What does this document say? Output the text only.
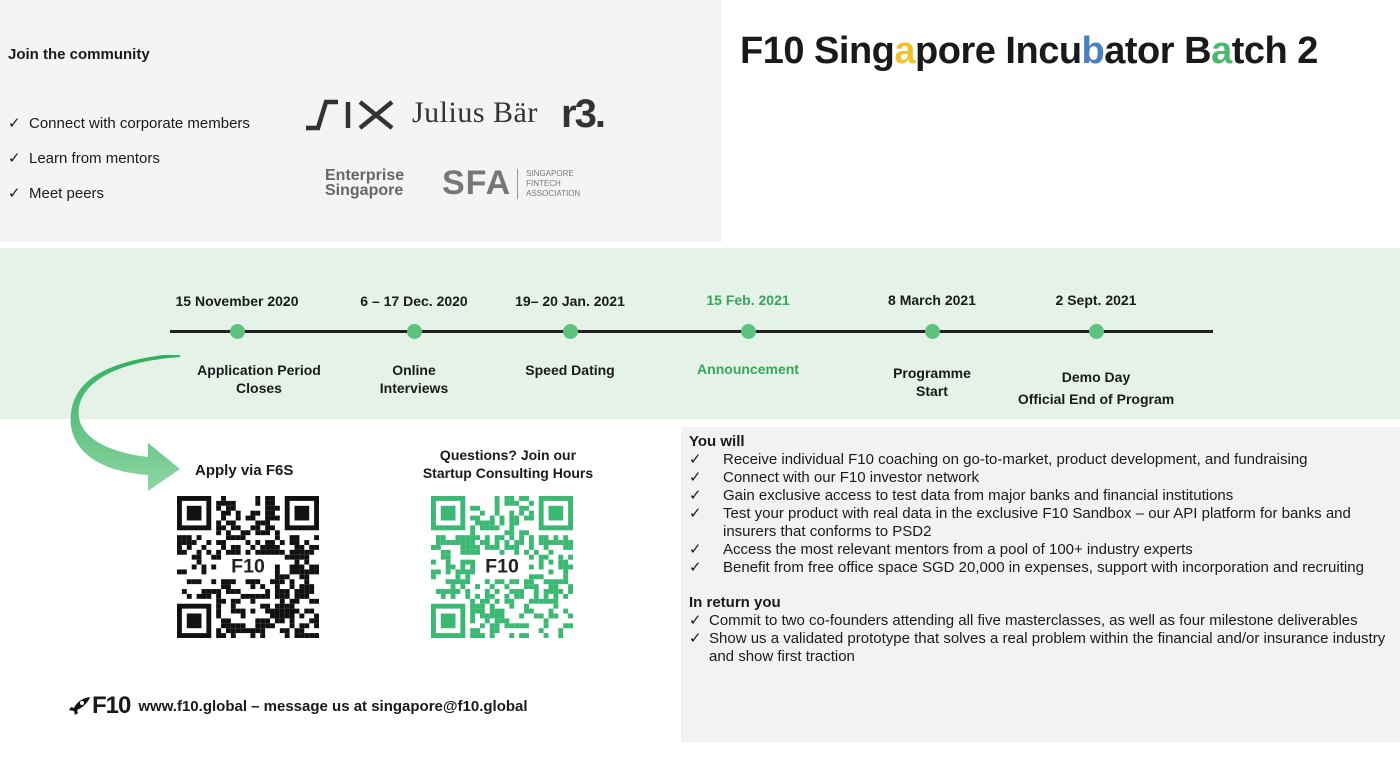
Join the community
✓ Connect with corporate members
✓ Learn from mentors
✓ Meet peers
Julius Bär r3.
Enterprise
Singapore SFA SINGAPORE
FINTECH
ASSOCIATION
F10 Singapore Incubator Batch 2
15 November 2020
Application Period
Closes
6 – 17 Dec. 2020
Online
Interviews
19– 20 Jan. 2021
Speed Dating
15 Feb. 2021
Announcement
8 March 2021
Programme
Start
2 Sept. 2021
Demo Day
Official End of Program
Apply via F6S
F10
Questions? Join our
Startup Consulting Hours
F10
F10 www.f10.global – message us at singapore@f10.global
You will
✓	Receive individual F10 coaching on go-to-market, product development, and fundraising
✓	Connect with our F10 investor network
✓	Gain exclusive access to test data from major banks and financial institutions
✓	Test your product with real data in the exclusive F10 Sandbox – our API platform for banks and insurers that conforms to PSD2
✓	Access the most relevant mentors from a pool of 100+ industry experts
✓	Benefit from free office space SGD 20,000 in expenses, support with incorporation and recruiting
In return you
✓ Commit to two co-founders attending all five masterclasses, as well as four milestone deliverables
✓ Show us a validated prototype that solves a real problem within the financial and/or insurance industry and show first traction
